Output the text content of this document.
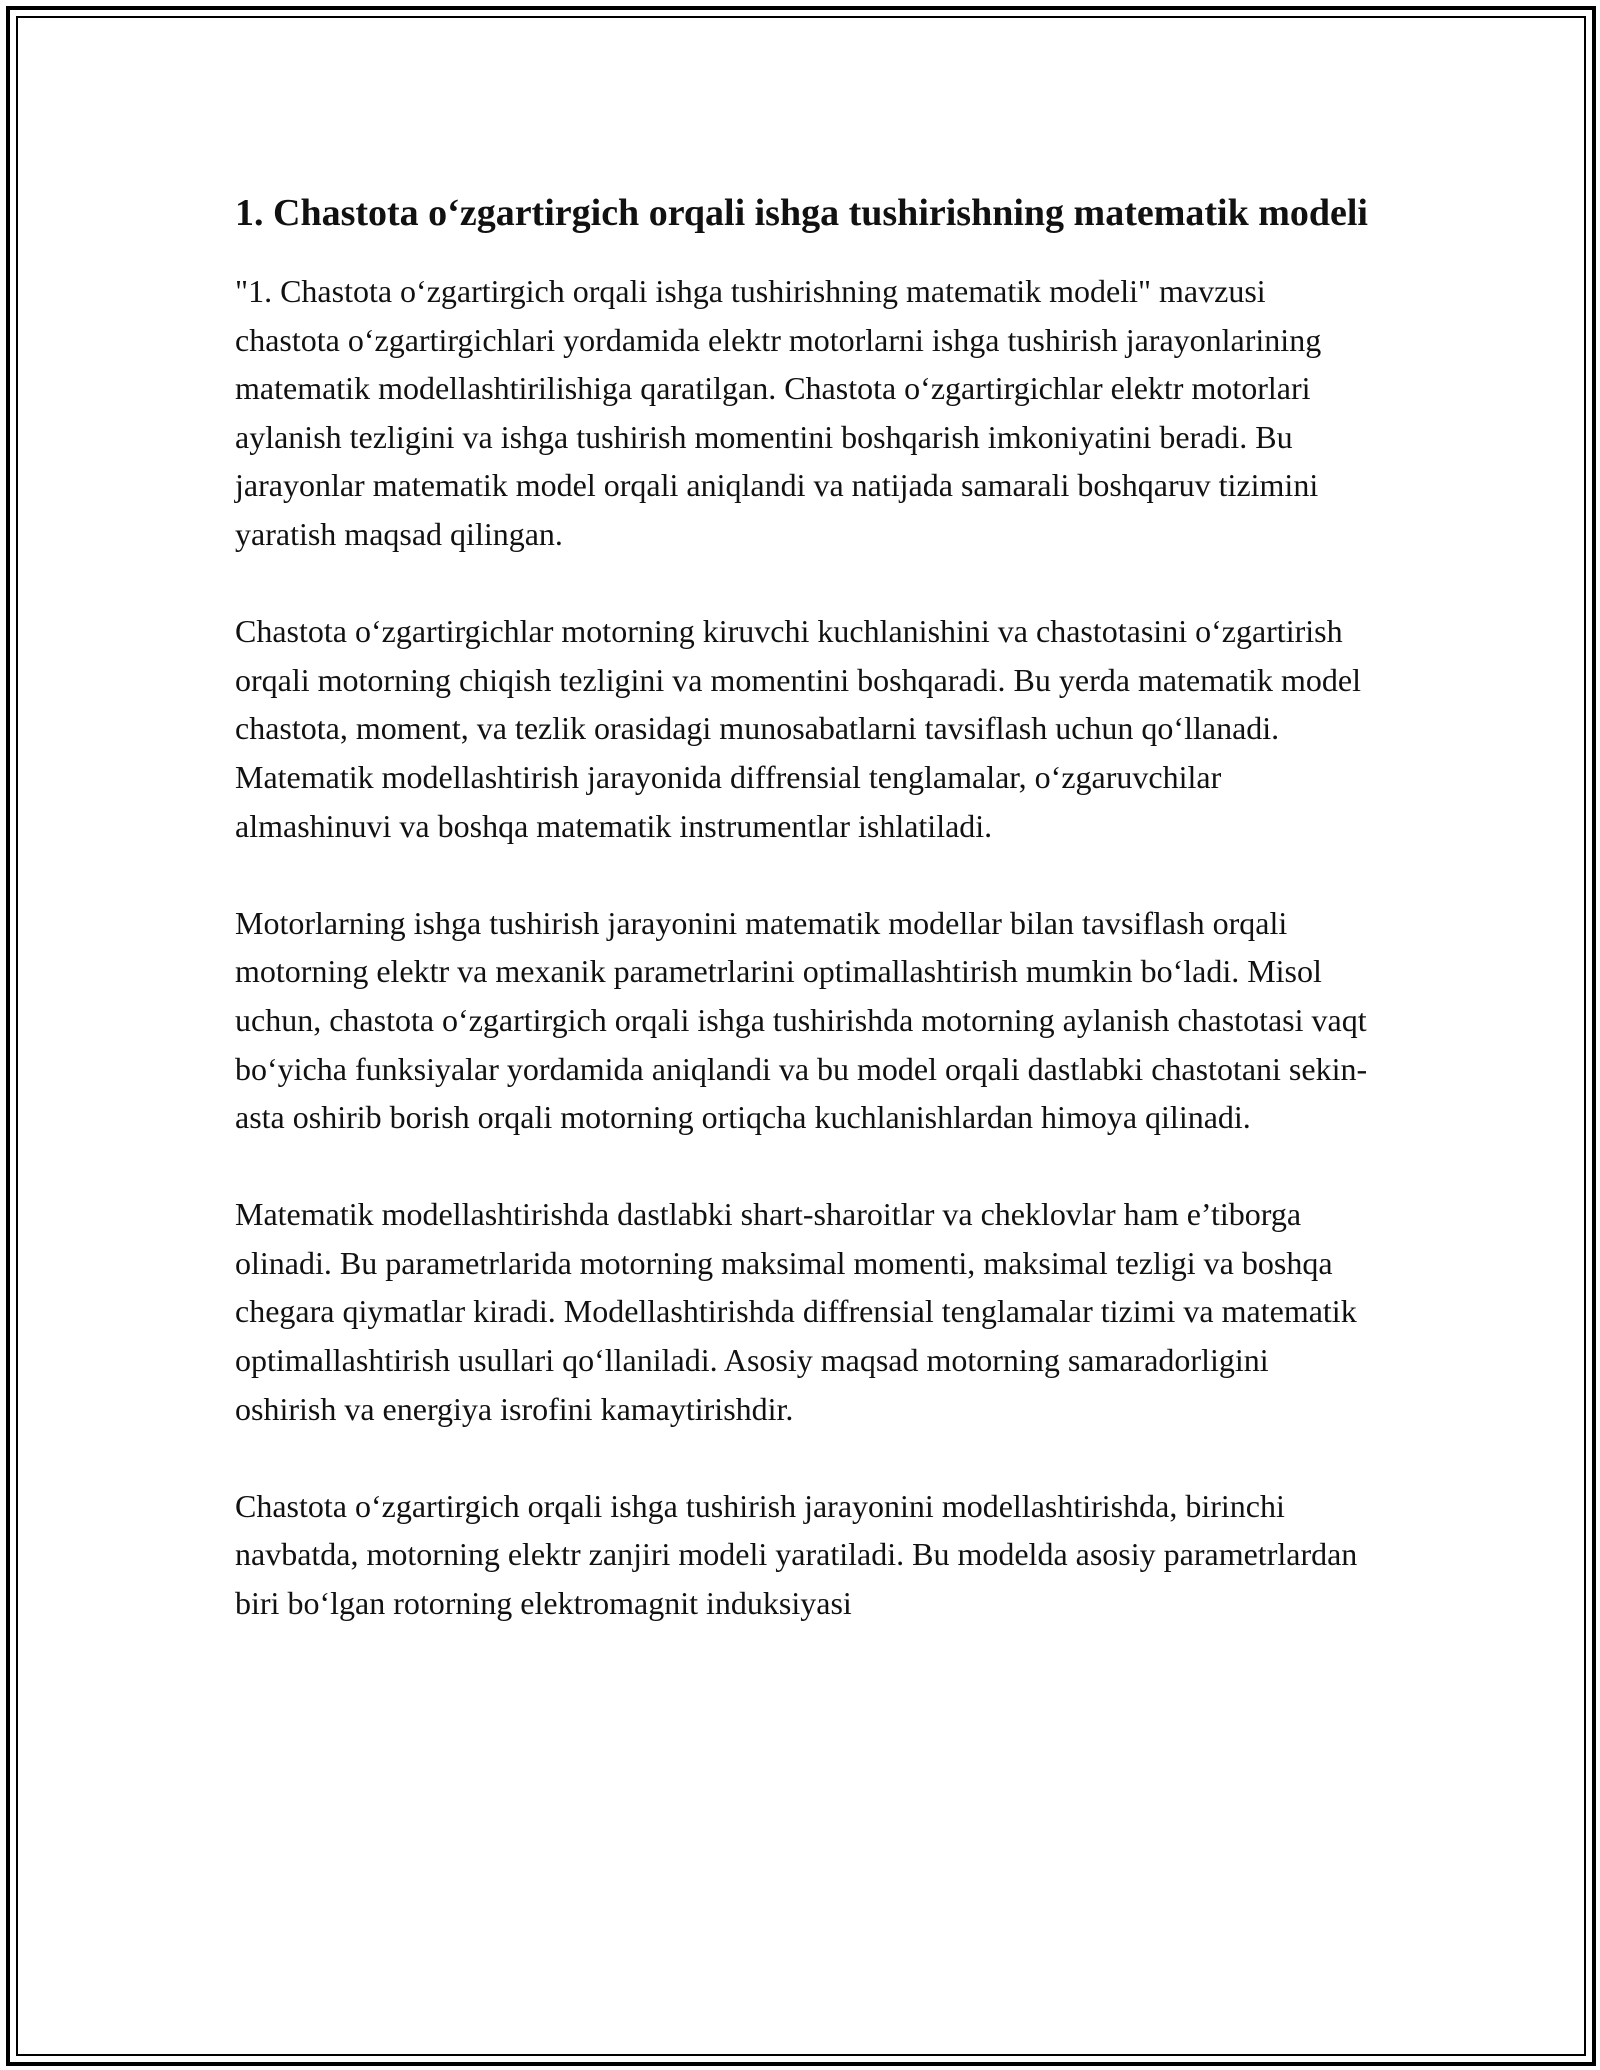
1. Chastota o‘zgartirgich orqali ishga tushirishning matematik modeli

"1. Chastota o‘zgartirgich orqali ishga tushirishning matematik modeli" mavzusi chastota o‘zgartirgichlari yordamida elektr motorlarni ishga tushirish jarayonlarining matematik modellashtirilishiga qaratilgan. Chastota o‘zgartirgichlar elektr motorlari aylanish tezligini va ishga tushirish momentini boshqarish imkoniyatini beradi. Bu jarayonlar matematik model orqali aniqlandi va natijada samarali boshqaruv tizimini yaratish maqsad qilingan.

Chastota o‘zgartirgichlar motorning kiruvchi kuchlanishini va chastotasini o‘zgartirish orqali motorning chiqish tezligini va momentini boshqaradi. Bu yerda matematik model chastota, moment, va tezlik orasidagi munosabatlarni tavsiflash uchun qo‘llanadi. Matematik modellashtirish jarayonida diffrensial tenglamalar, o‘zgaruvchilar almashinuvi va boshqa matematik instrumentlar ishlatiladi.

Motorlarning ishga tushirish jarayonini matematik modellar bilan tavsiflash orqali motorning elektr va mexanik parametrlarini optimallashtirish mumkin bo‘ladi. Misol uchun, chastota o‘zgartirgich orqali ishga tushirishda motorning aylanish chastotasi vaqt bo‘yicha funksiyalar yordamida aniqlandi va bu model orqali dastlabki chastotani sekin-asta oshirib borish orqali motorning ortiqcha kuchlanishlardan himoya qilinadi.

Matematik modellashtirishda dastlabki shart-sharoitlar va cheklovlar ham e’tiborga olinadi. Bu parametrlarida motorning maksimal momenti, maksimal tezligi va boshqa chegara qiymatlar kiradi. Modellashtirishda diffrensial tenglamalar tizimi va matematik optimallashtirish usullari qo‘llaniladi. Asosiy maqsad motorning samaradorligini oshirish va energiya isrofini kamaytirishdir.

Chastota o‘zgartirgich orqali ishga tushirish jarayonini modellashtirishda, birinchi navbatda, motorning elektr zanjiri modeli yaratiladi. Bu modelda asosiy parametrlardan biri bo‘lgan rotorning elektromagnit induksiyasi
